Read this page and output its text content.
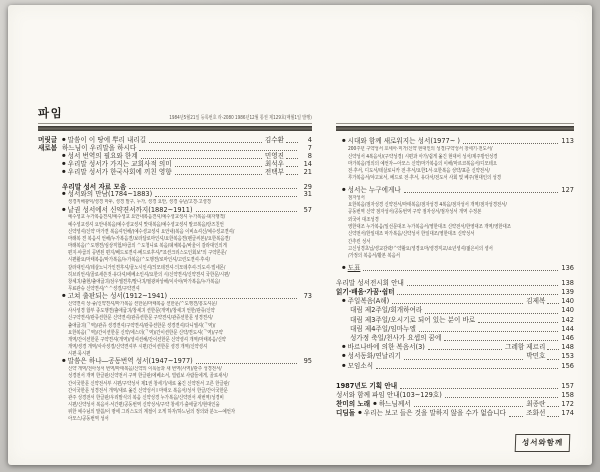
파임	1984년5월21일 등록번호 라-2080 1986년12월 통권 제129호(매월1일 발행)
머릿글	● 말씀이 이 땅에 뿌리 내리길	김수환	4
새로봄 하느님이 우리말을 하시다	7
● 성서 번역의 필요와 한계	민영진	8
● 우리말 성서가 가지는 교회사적 의미	최석우	14
● 우리말 성서가 한국사회에 끼친 영향	전택부	21
우리말 성서 자료 모음	29
● 성서와의 만남(1784~1883)	31
셩경직해광익/셩경 마두, 셩경 말구, 누가, 셩경 요안, 셩경 슈난/고경·고셩경
● 낱권 성서에서 신약젼셔까지(1882~1911)	57
예수셩교 누가복음젼셔/예수셩교 요안내복음젼셔/예수셩교셩셔 누가복음·뎨자행젹/
예수셩교셩셔 요안내복음/예수셩교셩셔 맛대복음/예수셩교셩셔 말코복음/랑즈친언
신약셩셔/신약 마가젼 복음셔언해/(예수셩교셩셔 요안내)복음 이비쇼셔신/예수셩교젼셔/
마래복 젼 복음셔 언해/누가복음젼/보라달로마인셔/요한복음젼(펜글씨본)/요한복음젼/
마래복음/ᄉ도행젼/심상직험/야곱의 ᄉ도쳥니료 복음/뎨체복음/바울이 갈라대인의게
편지·야곱의 공변된 편지/베드로젼셔·베드로후셔/"죠션크리스도인회보"의 구약론문/
시편촬요/마태복음/마가복음/누가복음/ᄉ도행젼/로마인셔/고린도젼셔·후셔/
갈라대인셔/데살노니가인젼후셔/골노시인셔/듸모데젼셔·듸모데후셔·듸도셔·빌네몬/
히브리언셔/골로새쓴것·유다셔/에베소인셔/요한의 시/신약젼셔/신약젼셔 국한문/시편/
창셰긔/츌현/츌애굽긔/삼우엘젼후/말나긔/필광파상해/이사야/마가복음/누가복음/
무료관슈 신약젼셔/ᄉᄉ셩경/구약젼셔
● 고쳐 출판되는 성서(1912~1941)	73
신약젼셔 상·즁/신약젼셔/마가복음 션한문/마태복음 션한문/ᄉ도행젼/흥도셔문/
사사셩경 합부 종도행젼/츌애굽긔/창셰긔 션한문(개역)/창셰긔 언한/관쥬/신약
신구약젼셔/관쥬션한문 신약젼셔/관쥬션한문 구약젼셔/관쥬션한문 셩경젼셔/
츌애굽긔(ᄀ역)/관쥬 셩경젼셔/구약젼셔/관쥬션한문 셩경젼셔/다니엘셔(ᄀ역)/
요한복음(ᄀ역)/간이션한문 신약/에스더(ᄀ역)/간이션한문 신약/젼도셔(ᄀ역)/구약
개역/간이션한문 구약젼셔(개역)/셩셔션해/간이션한문 신약셩셔 개역/마태복음/신약
개역/셩경 개역/사사셩경/신약젼셔부 시편/간이션한문 셩경 개역/신약셩셔
시편·묵시편
● 말씀은 하나―공동번역 성서(1947~1977)	95
신약 개역/천아성서 번역/마태복음/신약의 이록들과 새 번역(사역)/관주 성경전서/
성경전서 개역 한글판/신약전서 구역 한글판/에베소서, 빌립보 사람들에게, 골로새서/
간이국한문 신약전서부 시편/구약성서 제1권 창세기/새로 옮긴 신약전서 고른 한글판/
간이국한문 성경전서 개역/새로 옮긴 신약성서 Ⅰ 마태오 복음서/성서 한글/간이국한문
관주 성경전서 한글판/우리말식의 복음 신약성경 누가복음/신약전서 새번역/성경비
시편/신약성서 복음서·서간편/공동번역 신약성서/구약 창세기·출애굽기/현대인을
위한 예수님의 말씀/이 땅에 그리스도의 계절이 오게 하자/하느님의 정의와 분노―예언자
아모스/공동번역 성서
● 시대와 함께 새로워지는 성서(1977~ )	113
200주년 구약성서 호세아·미가/신약 현대인의 성경/구약성서 창세기·전도서/
신약성서 4복음서/(구약성경) 시편과 아가/쉽게 옮긴 현대어 성서/제주방언성경
마가복음/정의의 예언자—아모스 신약/마가복음의 이해/마르코복음서/디모테오
전·후서, 디도서/데살로니카 전·후서/요한1서·요한복음 성약/표준 신약전서/
루가복음서/야고보서, 베드로 전·후서, 유다서/전도서 사회 및 베주/현대인의 성경
● 성서는 누구에게나	127
점자성서
요한복음/점자성경 신약전서/마태복음/점자성경 4복음/점자성서 개역/점자성경전서/
공동번역 신약 점자성서/공동번역 구약 점자성서/점자성서 개역 수정본
외국어 대조성경
영한대조 누가복음/일선문대조 누가복음서/영한대조 신약전서/한영대조 개역/영한대조
신약전서/한일대조 마가복음/신약성서 한일대조/영한대조 신약성서
간추린 성서
고신성경초닙/셩교감략/ᄉ약촬요/셩경요마/셩경직교/쇼년셩셔/젊은이의 셩서
/가정의 복음서/활본 복음서
● 도표	136
우리말 성서전시회 안내	138
읽기·배움·가꿈·쉼터	139
● 주일복음(A해)	김제복 140
대림 제2주일/회개하여라	140
대림 제3주일/오시기로 되어 있는 분이 바로	142
대림 제4주일/임마누엘	144
성가정 축일/천사가 요셉의 꿈에	146
● 바르나바에 의한 복음서(3)	그레함 제르리 148
● 성서동화/연날리기	박민호 153
● 모임소식	156
1987년도 기획 안내	157
성서와 함께 파임 안내(103~129호)	158
찬미의 노래 ● 하느님께서	최종란 172
디딤돌 ● 우리는 보고 들은 것을 말하지 않을 수가 없습니다	조화선 174
성서와함께
